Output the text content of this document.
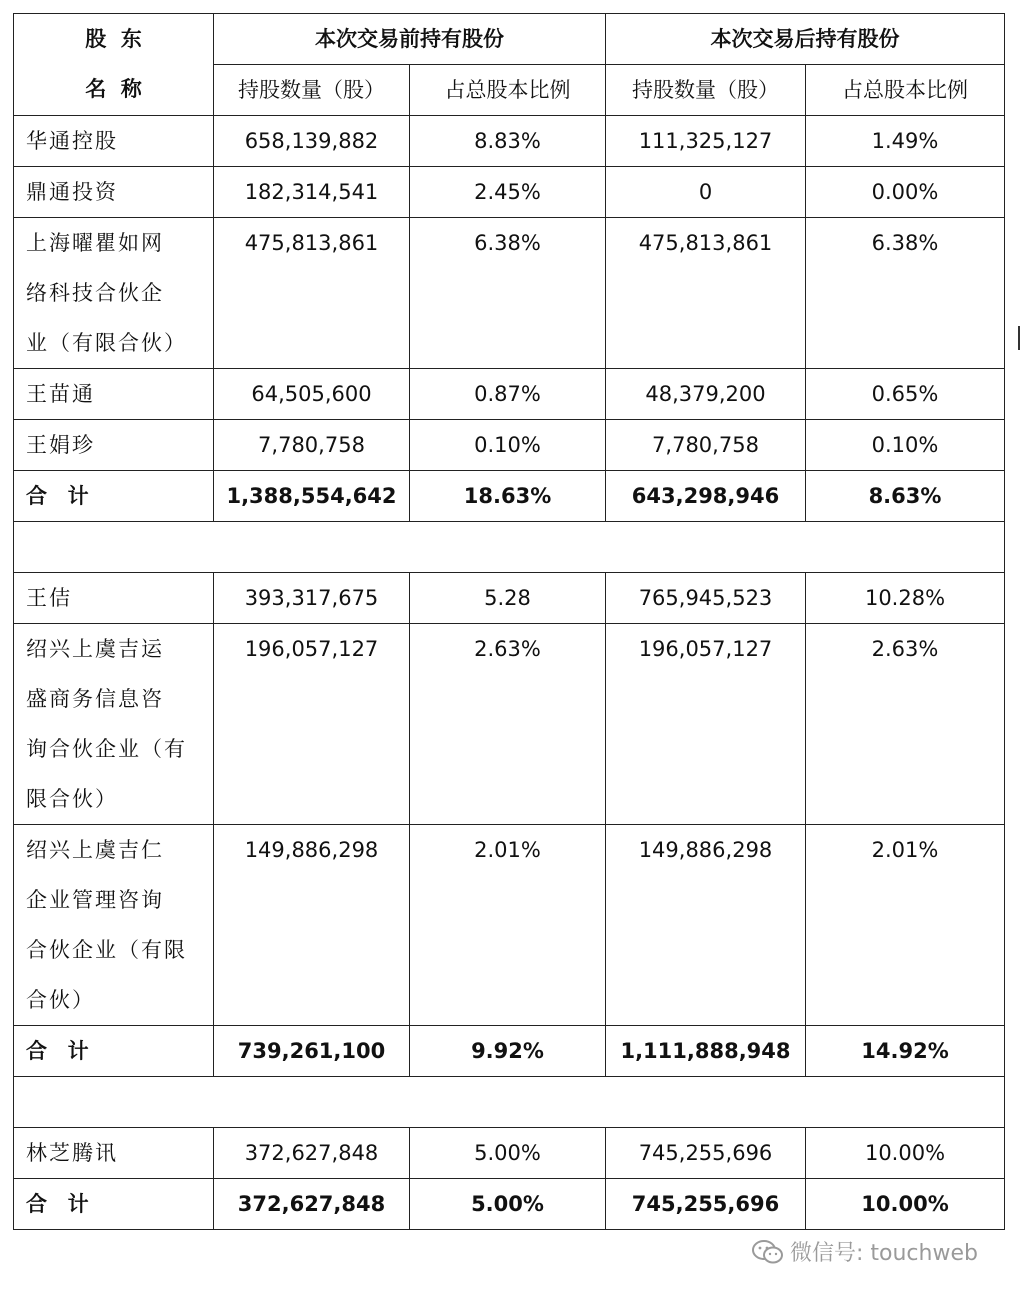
股  东
名  称	本次交易前持有股份		本次交易后持有股份	
	持股数量（股）	占总股本比例	持股数量（股）	占总股本比例

华通控股	658,139,882	8.83%	111,325,127	1.49%

鼎通投资	182,314,541	2.45%	0	0.00%

上海曜瞿如网
络科技合伙企
业（有限合伙）	475,813,861	6.38%	475,813,861	6.38%

王苗通	64,505,600	0.87%	48,379,200	0.65%

王娟珍	7,780,758	0.10%	7,780,758	0.10%
合  计	1,388,554,642	18.63%	643,298,946	8.63%

王佶	393,317,675	5.28	765,945,523	10.28%

绍兴上虞吉运
盛商务信息咨
询合伙企业（有
限合伙）	196,057,127	2.63%	196,057,127	2.63%

绍兴上虞吉仁
企业管理咨询
合伙企业（有限
合伙）	149,886,298	2.01%	149,886,298	2.01%
合  计	739,261,100	9.92%	1,111,888,948	14.92%

林芝腾讯	372,627,848	5.00%	745,255,696	10.00%
合  计	372,627,848	5.00%	745,255,696	10.00%
微信号: touchweb
